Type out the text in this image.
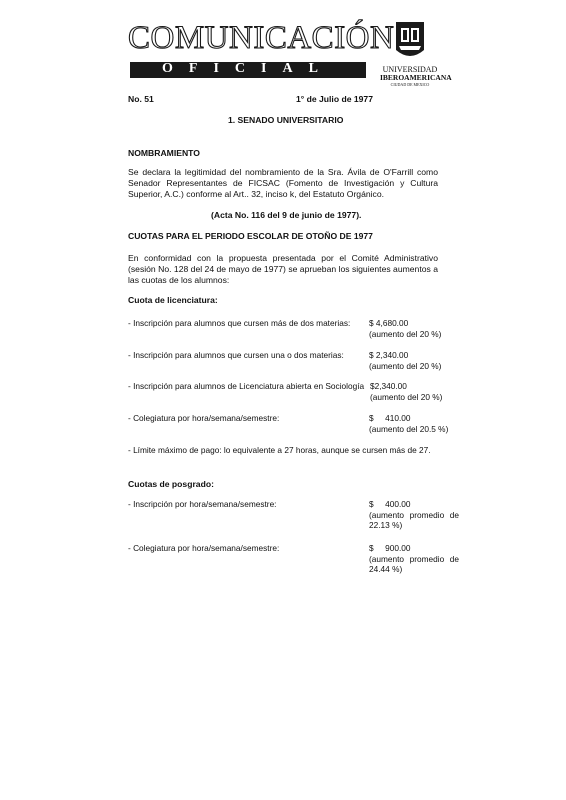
COMUNICACIÓN
OFICIAL	UNIVERSIDAD
IBEROAMERICANA
CIUDAD DE MEXICO
No. 51	1° de Julio de 1977
1. SENADO UNIVERSITARIO
NOMBRAMIENTO
Se declara la legitimidad del nombramiento de la Sra. Ávila de O'Farrill como Senador Representantes de FICSAC (Fomento de Investigación y Cultura Superior, A.C.) conforme al Art.. 32, inciso k, del Estatuto Orgánico.
(Acta No. 116 del 9 de junio de 1977).
CUOTAS PARA EL PERIODO ESCOLAR DE OTOÑO DE 1977
En conformidad con la propuesta presentada por el Comité Administrativo (sesión No. 128 del 24 de mayo de 1977) se aprueban los siguientes aumentos a las cuotas de los alumnos:
Cuota de licenciatura:
- Inscripción para alumnos que cursen más de dos materias: $ 4,680.00
(aumento del 20 %)
- Inscripción para alumnos que cursen una o dos materias:	$ 2,340.00
(aumento del 20 %)
- Inscripción para alumnos de Licenciatura abierta en Sociología $2,340.00
(aumento del 20 %)
- Colegiatura por hora/semana/semestre:	$     410.00
(aumento del 20.5 %)
- Límite máximo de pago: lo equivalente a 27 horas, aunque se cursen más de 27.
Cuotas de posgrado:
- Inscripción por hora/semana/semestre:	$     400.00
(aumento promedio de 22.13 %)
- Colegiatura por hora/semana/semestre:	$     900.00
(aumento promedio de 24.44 %)
